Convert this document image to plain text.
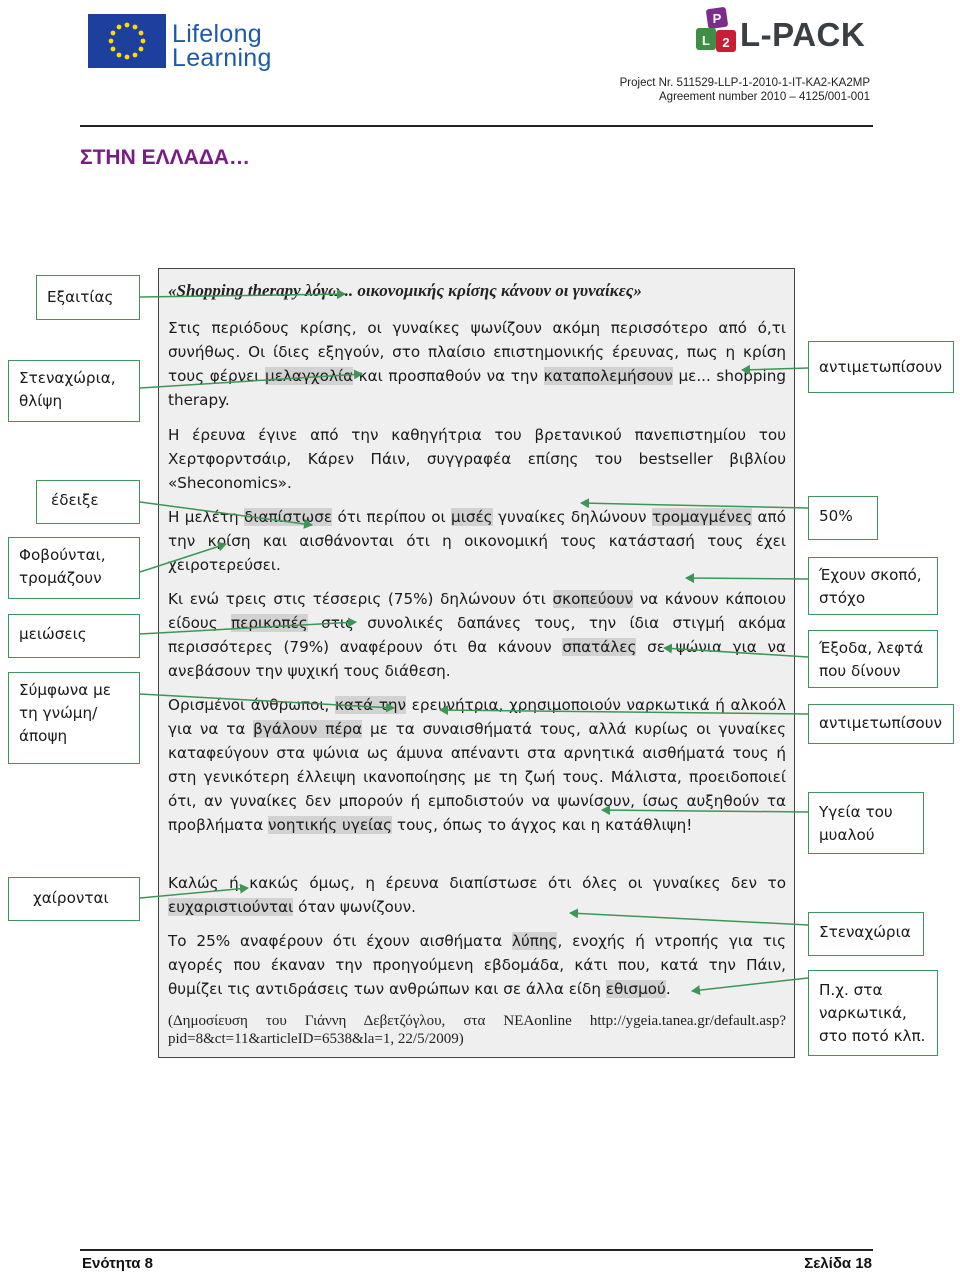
Lifelong
Learning
P
L 2 L-PACK
Project Nr. 511529-LLP-1-2010-1-IT-KA2-KA2MP
Agreement number 2010 – 4125/001-001
ΣΤΗΝ ΕΛΛΑΔΑ…
«Shopping therapy λόγω... οικονομικής κρίσης κάνουν οι γυναίκες»
Στις περιόδους κρίσης, οι γυναίκες ψωνίζουν ακόμη περισσότερο από ό,τι συνήθως. Οι ίδιες εξηγούν, στο πλαίσιο επιστημονικής έρευνας, πως η κρίση τους φέρνει μελαγχολία και προσπαθούν να την καταπολεμήσουν με... shopping therapy.
Η έρευνα έγινε από την καθηγήτρια του βρετανικού πανεπιστημίου του Χερτφορντσάιρ, Κάρεν Πάιν, συγγραφέα επίσης του bestseller βιβλίου «Sheconomics».
Η μελέτη διαπίστωσε ότι περίπου οι μισές γυναίκες δηλώνουν τρομαγμένες από την κρίση και αισθάνονται ότι η οικονομική τους κατάστασή τους έχει χειροτερεύσει.
Κι ενώ τρεις στις τέσσερις (75%) δηλώνουν ότι σκοπεύουν να κάνουν κάποιου είδους περικοπές στις συνολικές δαπάνες τους, την ίδια στιγμή ακόμα περισσότερες (79%) αναφέρουν ότι θα κάνουν σπατάλες σε ψώνια για να ανεβάσουν την ψυχική τους διάθεση.
Ορισμένοι άνθρωποι, κατά την ερευνήτρια, χρησιμοποιούν ναρκωτικά ή αλκοόλ για να τα βγάλουν πέρα με τα συναισθήματά τους, αλλά κυρίως οι γυναίκες καταφεύγουν στα ψώνια ως άμυνα απέναντι στα αρνητικά αισθήματά τους ή στη γενικότερη έλλειψη ικανοποίησης με τη ζωή τους. Μάλιστα, προειδοποιεί ότι, αν γυναίκες δεν μπορούν ή εμποδιστούν να ψωνίσουν, ίσως αυξηθούν τα προβλήματα νοητικής υγείας τους, όπως το άγχος και η κατάθλιψη!
Καλώς ή κακώς όμως, η έρευνα διαπίστωσε ότι όλες οι γυναίκες δεν το ευχαριστιούνται όταν ψωνίζουν.
Το 25% αναφέρουν ότι έχουν αισθήματα λύπης, ενοχής ή ντροπής για τις αγορές που έκαναν την προηγούμενη εβδομάδα, κάτι που, κατά την Πάιν, θυμίζει τις αντιδράσεις των ανθρώπων και σε άλλα είδη εθισμού.
(Δημοσίευση του Γιάννη Δεβετζόγλου, στα NEAonline http://ygeia.tanea.gr/default.asp?pid=8&ct=11&articleID=6538&la=1, 22/5/2009)
Εξαιτίας
Στεναχώρια, θλίψη
έδειξε
Φοβούνται, τρομάζουν
μειώσεις
Σύμφωνα με τη γνώμη/ άποψη
χαίρονται
αντιμετωπίσουν
50%
Έχουν σκοπό, στόχο
Έξοδα, λεφτά που δίνουν
αντιμετωπίσουν
Υγεία του μυαλού
Στεναχώρια
Π.χ. στα ναρκωτικά, στο ποτό κλπ.
Ενότητα 8	Σελίδα 18
